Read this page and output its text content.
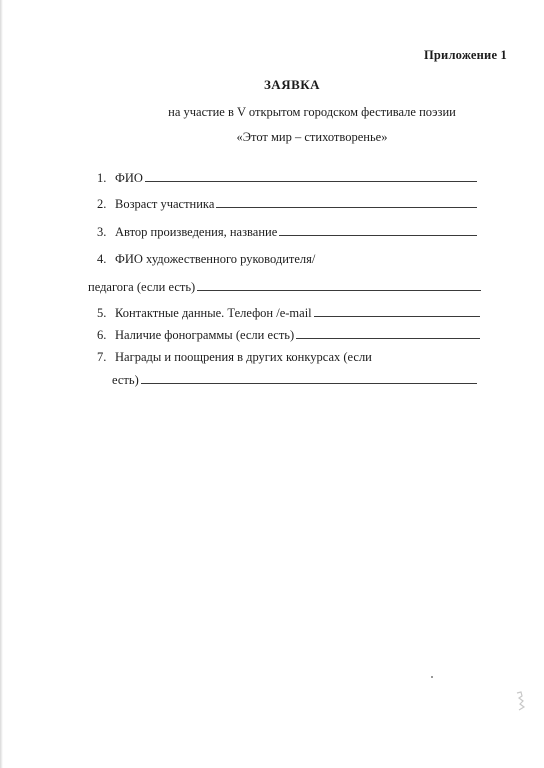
Приложение 1
ЗАЯВКА
на участие в V открытом городском фестивале поэзии
«Этот мир – стихотворенье»
1. ФИО
2. Возраст участника
3. Автор произведения, название
4. ФИО художественного руководителя/
педагога (если есть)
5. Контактные данные. Телефон /e-mail
6. Наличие фонограммы (если есть)
7. Награды и поощрения в других конкурсах (если
есть)
